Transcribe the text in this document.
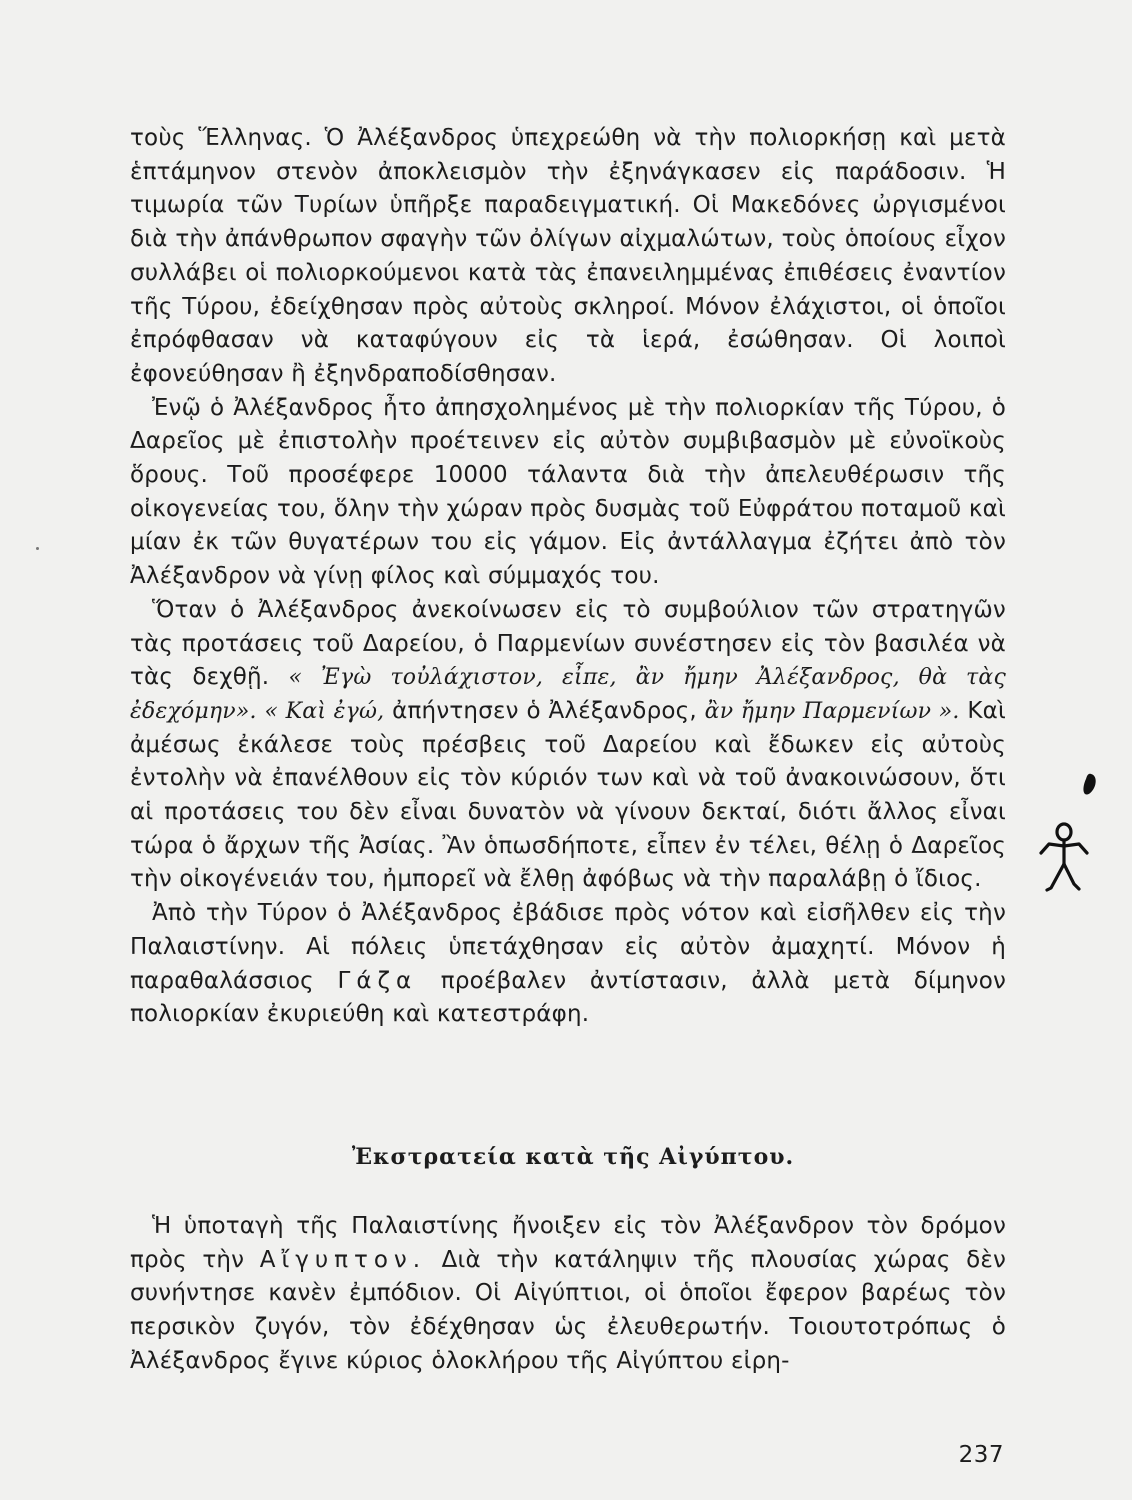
τοὺς Ἕλληνας. Ὁ Ἀλέξανδρος ὑπεχρεώθη νὰ τὴν πολιορκήσῃ καὶ μετὰ ἑπτάμηνον στενὸν ἀποκλεισμὸν τὴν ἐξηνάγκασεν εἰς παράδοσιν. Ἡ τιμωρία τῶν Τυρίων ὑπῆρξε παραδειγματική. Οἱ Μακεδόνες ὠργισμένοι διὰ τὴν ἀπάνθρωπον σφαγὴν τῶν ὀλίγων αἰχμαλώτων, τοὺς ὁποίους εἶχον συλλάβει οἱ πολιορκούμενοι κατὰ τὰς ἐπανειλημμένας ἐπιθέσεις ἐναντίον τῆς Τύρου, ἐδείχθησαν πρὸς αὐτοὺς σκληροί. Μόνον ἐλάχιστοι, οἱ ὁποῖοι ἐπρόφθασαν νὰ καταφύγουν εἰς τὰ ἱερά, ἐσώθησαν. Οἱ λοιποὶ ἐφονεύθησαν ἢ ἐξηνδραποδίσθησαν.

Ἐνῷ ὁ Ἀλέξανδρος ἦτο ἀπησχολημένος μὲ τὴν πολιορκίαν τῆς Τύρου, ὁ Δαρεῖος μὲ ἐπιστολὴν προέτεινεν εἰς αὐτὸν συμβιβασμὸν μὲ εὐνοϊκοὺς ὅρους. Τοῦ προσέφερε 10000 τάλαντα διὰ τὴν ἀπελευθέρωσιν τῆς οἰκογενείας του, ὅλην τὴν χώραν πρὸς δυσμὰς τοῦ Εὐφράτου ποταμοῦ καὶ μίαν ἐκ τῶν θυγατέρων του εἰς γάμον. Εἰς ἀντάλλαγμα ἐζήτει ἀπὸ τὸν Ἀλέξανδρον νὰ γίνῃ φίλος καὶ σύμμαχός του.

Ὅταν ὁ Ἀλέξανδρος ἀνεκοίνωσεν εἰς τὸ συμβούλιον τῶν στρατηγῶν τὰς προτάσεις τοῦ Δαρείου, ὁ Παρμενίων συνέστησεν εἰς τὸν βασιλέα νὰ τὰς δεχθῇ. « Ἐγὼ τοὐλάχιστον, εἶπε, ἂν ἤμην Ἀλέξανδρος, θὰ τὰς ἐδεχόμην». « Καὶ ἐγώ, ἀπήντησεν ὁ Ἀλέξανδρος, ἂν ἤμην Παρμενίων ». Καὶ ἀμέσως ἐκάλεσε τοὺς πρέσβεις τοῦ Δαρείου καὶ ἔδωκεν εἰς αὐτοὺς ἐντολὴν νὰ ἐπανέλθουν εἰς τὸν κύριόν των καὶ νὰ τοῦ ἀνακοινώσουν, ὅτι αἱ προτάσεις του δὲν εἶναι δυνατὸν νὰ γίνουν δεκταί, διότι ἄλλος εἶναι τώρα ὁ ἄρχων τῆς Ἀσίας. Ἂν ὁπωσδήποτε, εἶπεν ἐν τέλει, θέλῃ ὁ Δαρεῖος τὴν οἰκογένειάν του, ἠμπορεῖ νὰ ἔλθῃ ἀφόβως νὰ τὴν παραλάβῃ ὁ ἴδιος.

Ἀπὸ τὴν Τύρον ὁ Ἀλέξανδρος ἐβάδισε πρὸς νότον καὶ εἰσῆλθεν εἰς τὴν Παλαιστίνην. Αἱ πόλεις ὑπετάχθησαν εἰς αὐτὸν ἀμαχητί. Μόνον ἡ παραθαλάσσιος Γάζα προέβαλεν ἀντίστασιν, ἀλλὰ μετὰ δίμηνον πολιορκίαν ἐκυριεύθη καὶ κατεστράφη.

Ἐκστρατεία κατὰ τῆς Αἰγύπτου.

Ἡ ὑποταγὴ τῆς Παλαιστίνης ἤνοιξεν εἰς τὸν Ἀλέξανδρον τὸν δρόμον πρὸς τὴν Αἴγυπτον. Διὰ τὴν κατάληψιν τῆς πλουσίας χώρας δὲν συνήντησε κανὲν ἐμπόδιον. Οἱ Αἰγύπτιοι, οἱ ὁποῖοι ἔφερον βαρέως τὸν περσικὸν ζυγόν, τὸν ἐδέχθησαν ὡς ἐλευθερωτήν. Τοιουτοτρόπως ὁ Ἀλέξανδρος ἔγινε κύριος ὁλοκλήρου τῆς Αἰγύπτου εἰρη-

237
